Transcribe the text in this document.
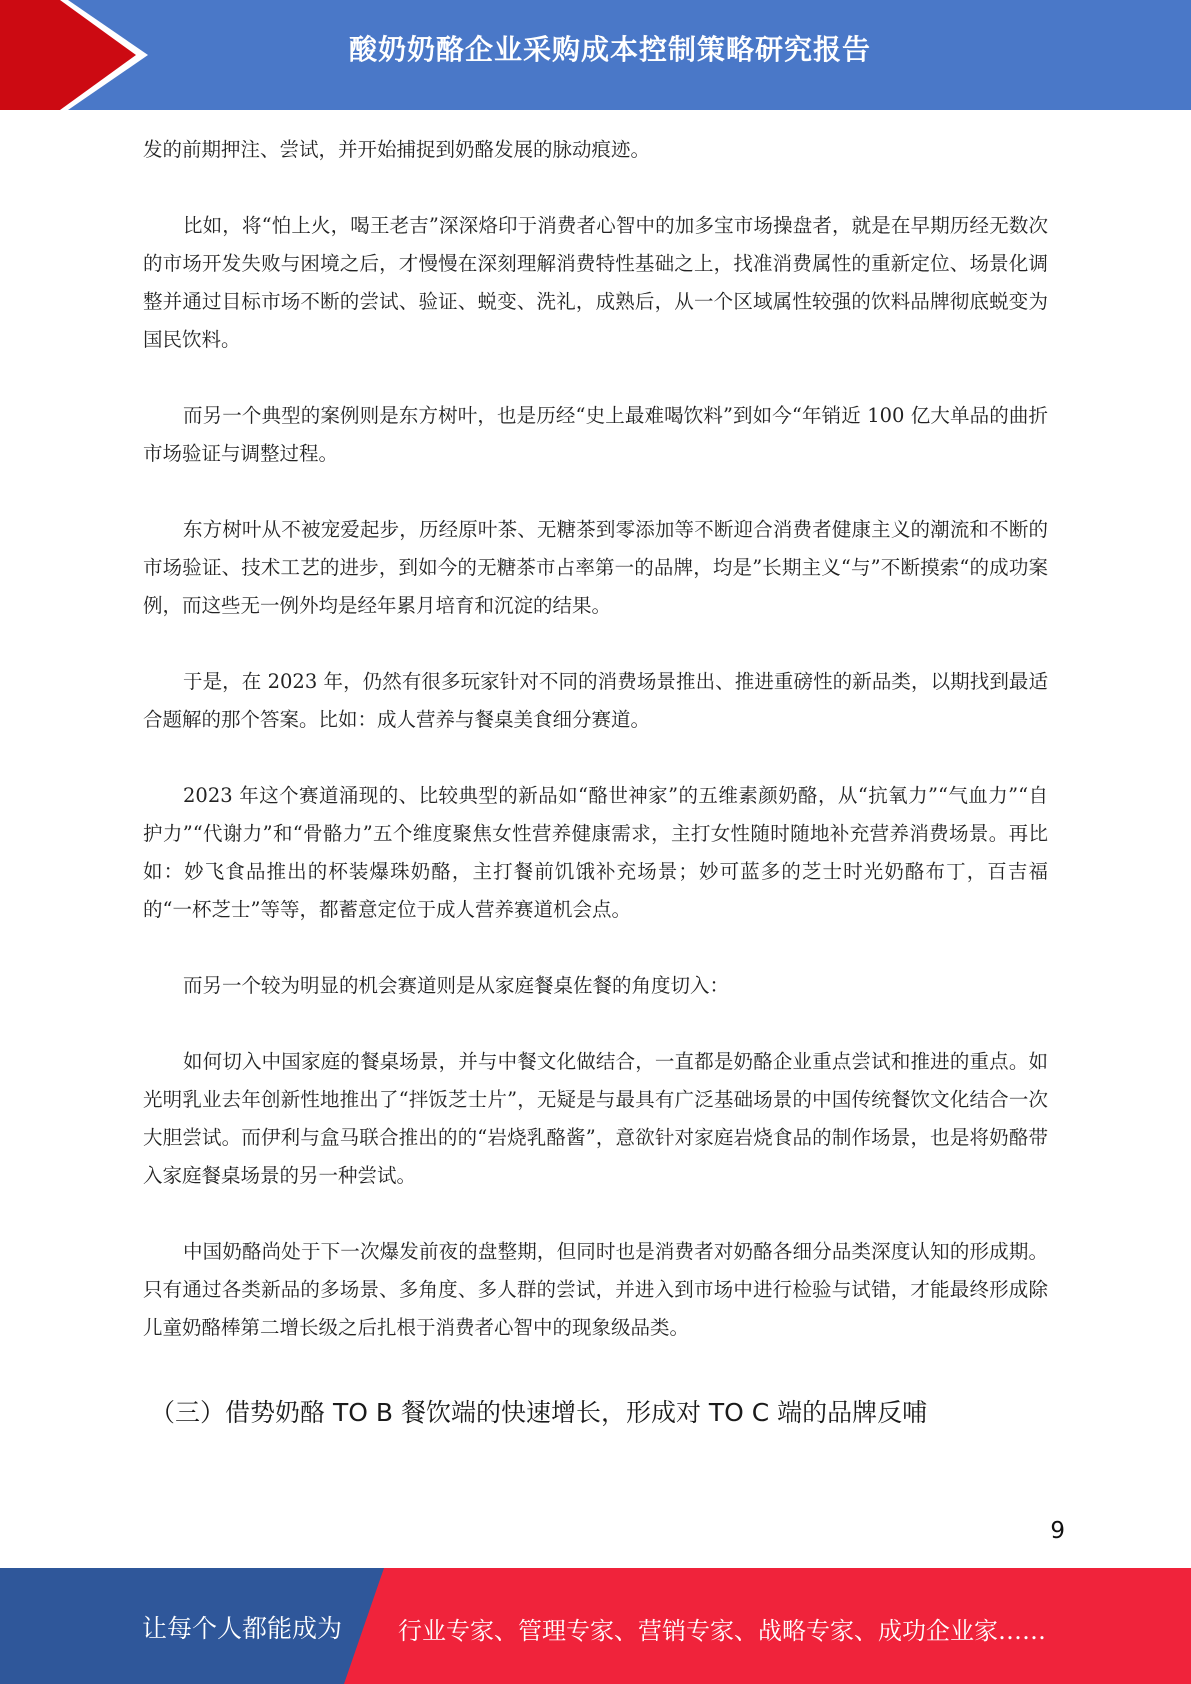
酸奶奶酪企业采购成本控制策略研究报告

发的前期押注、尝试，并开始捕捉到奶酪发展的脉动痕迹。

比如，将“怕上火，喝王老吉”深深烙印于消费者心智中的加多宝市场操盘者，就是在早期历经无数次的市场开发失败与困境之后，才慢慢在深刻理解消费特性基础之上，找准消费属性的重新定位、场景化调整并通过目标市场不断的尝试、验证、蜕变、洗礼，成熟后，从一个区域属性较强的饮料品牌彻底蜕变为国民饮料。

而另一个典型的案例则是东方树叶，也是历经“史上最难喝饮料”到如今“年销近 100 亿大单品的曲折市场验证与调整过程。

东方树叶从不被宠爱起步，历经原叶茶、无糖茶到零添加等不断迎合消费者健康主义的潮流和不断的市场验证、技术工艺的进步，到如今的无糖茶市占率第一的品牌，均是”长期主义“与”不断摸索“的成功案例，而这些无一例外均是经年累月培育和沉淀的结果。

于是，在 2023 年，仍然有很多玩家针对不同的消费场景推出、推进重磅性的新品类，以期找到最适合题解的那个答案。比如：成人营养与餐桌美食细分赛道。

2023 年这个赛道涌现的、比较典型的新品如“酪世神家”的五维素颜奶酪，从“抗氧力”“气血力”“自护力”“代谢力”和“骨骼力”五个维度聚焦女性营养健康需求，主打女性随时随地补充营养消费场景。再比如：妙飞食品推出的杯装爆珠奶酪，主打餐前饥饿补充场景；妙可蓝多的芝士时光奶酪布丁，百吉福的“一杯芝士”等等，都蓄意定位于成人营养赛道机会点。

而另一个较为明显的机会赛道则是从家庭餐桌佐餐的角度切入：

如何切入中国家庭的餐桌场景，并与中餐文化做结合，一直都是奶酪企业重点尝试和推进的重点。如光明乳业去年创新性地推出了“拌饭芝士片”，无疑是与最具有广泛基础场景的中国传统餐饮文化结合一次大胆尝试。而伊利与盒马联合推出的的“岩烧乳酪酱”，意欲针对家庭岩烧食品的制作场景，也是将奶酪带入家庭餐桌场景的另一种尝试。

中国奶酪尚处于下一次爆发前夜的盘整期，但同时也是消费者对奶酪各细分品类深度认知的形成期。只有通过各类新品的多场景、多角度、多人群的尝试，并进入到市场中进行检验与试错，才能最终形成除儿童奶酪棒第二增长级之后扎根于消费者心智中的现象级品类。

（三）借势奶酪 TO B 餐饮端的快速增长，形成对 TO C 端的品牌反哺
9
让每个人都能成为 行业专家、管理专家、营销专家、战略专家、成功企业家……
